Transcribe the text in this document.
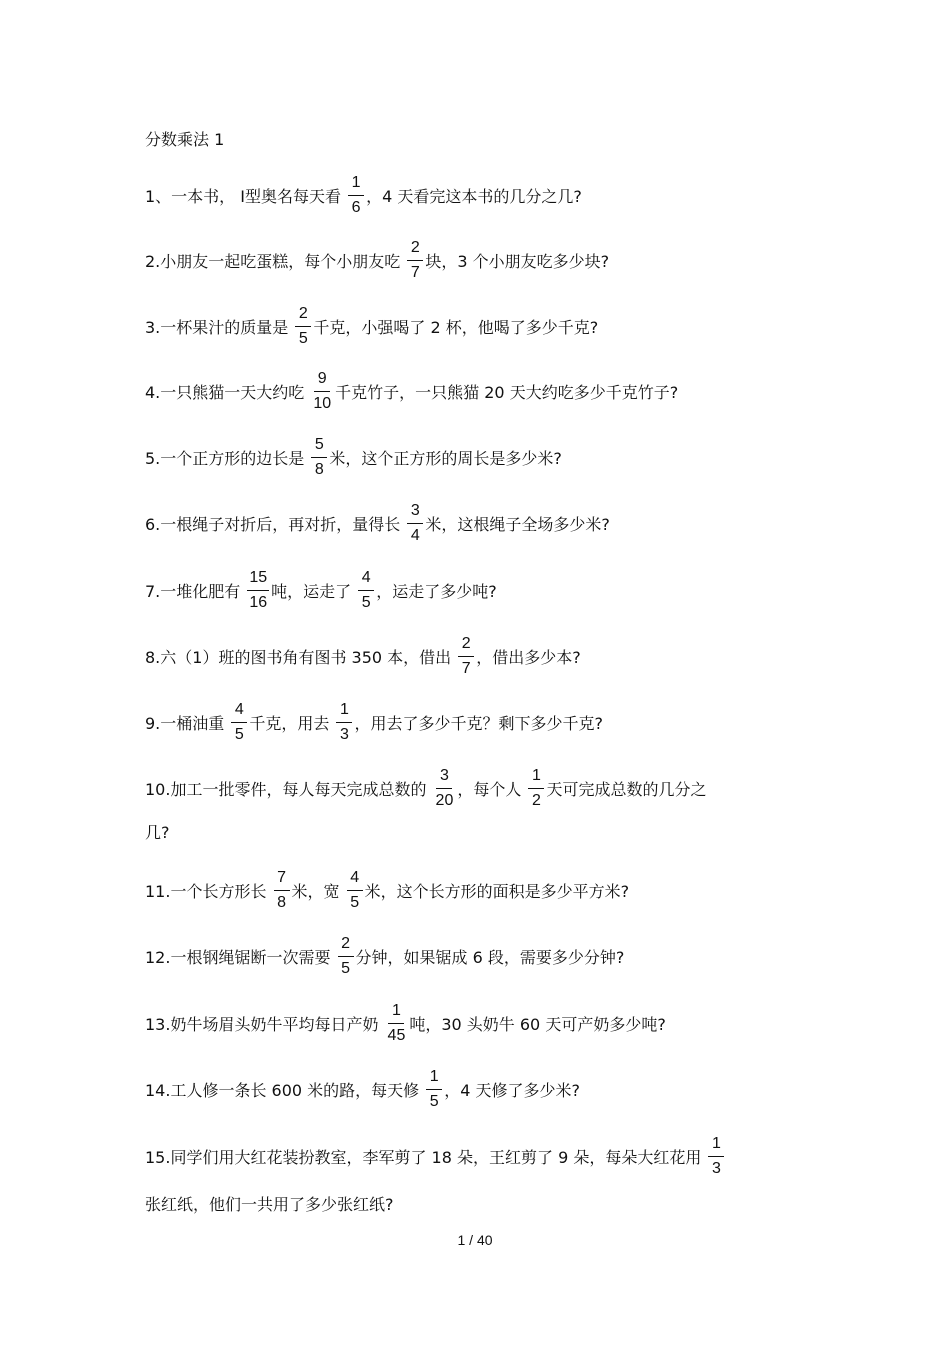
分数乘法 1
1、一本书， Ι型奥名每天看 $\frac{1}{6}$ ，4 天看完这本书的几分之几?
2.小朋友一起吃蛋糕，每个小朋友吃 $\frac{2}{7}$ 块，3 个小朋友吃多少块?
3.一杯果汁的质量是 $\frac{2}{5}$ 千克，小强喝了 2 杯，他喝了多少千克?
4.一只熊猫一天大约吃 $\frac{9}{10}$ 千克竹子，一只熊猫 20 天大约吃多少千克竹子?
5.一个正方形的边长是 $\frac{5}{8}$ 米，这个正方形的周长是多少米?
6.一根绳子对折后，再对折，量得长 $\frac{3}{4}$ 米，这根绳子全场多少米?
7.一堆化肥有 $\frac{15}{16}$ 吨，运走了 $\frac{4}{5}$ ，运走了多少吨?
8.六（1）班的图书角有图书 350 本，借出 $\frac{2}{7}$ ，借出多少本?
9.一桶油重 $\frac{4}{5}$ 千克，用去 $\frac{1}{3}$ ，用去了多少千克？剩下多少千克?
10.加工一批零件，每人每天完成总数的 $\frac{3}{20}$ ，每个人 $\frac{1}{2}$ 天可完成总数的几分之
几?
11.一个长方形长 $\frac{7}{8}$ 米，宽 $\frac{4}{5}$ 米，这个长方形的面积是多少平方米?
12.一根钢绳锯断一次需要 $\frac{2}{5}$ 分钟，如果锯成 6 段，需要多少分钟?
13.奶牛场眉头奶牛平均每日产奶 $\frac{1}{45}$ 吨，30 头奶牛 60 天可产奶多少吨?
14.工人修一条长 600 米的路，每天修 $\frac{1}{5}$ ，4 天修了多少米?
15.同学们用大红花装扮教室，李军剪了 18 朵，王红剪了 9 朵，每朵大红花用 $\frac{1}{3}$
张红纸，他们一共用了多少张红纸?
1 / 40
